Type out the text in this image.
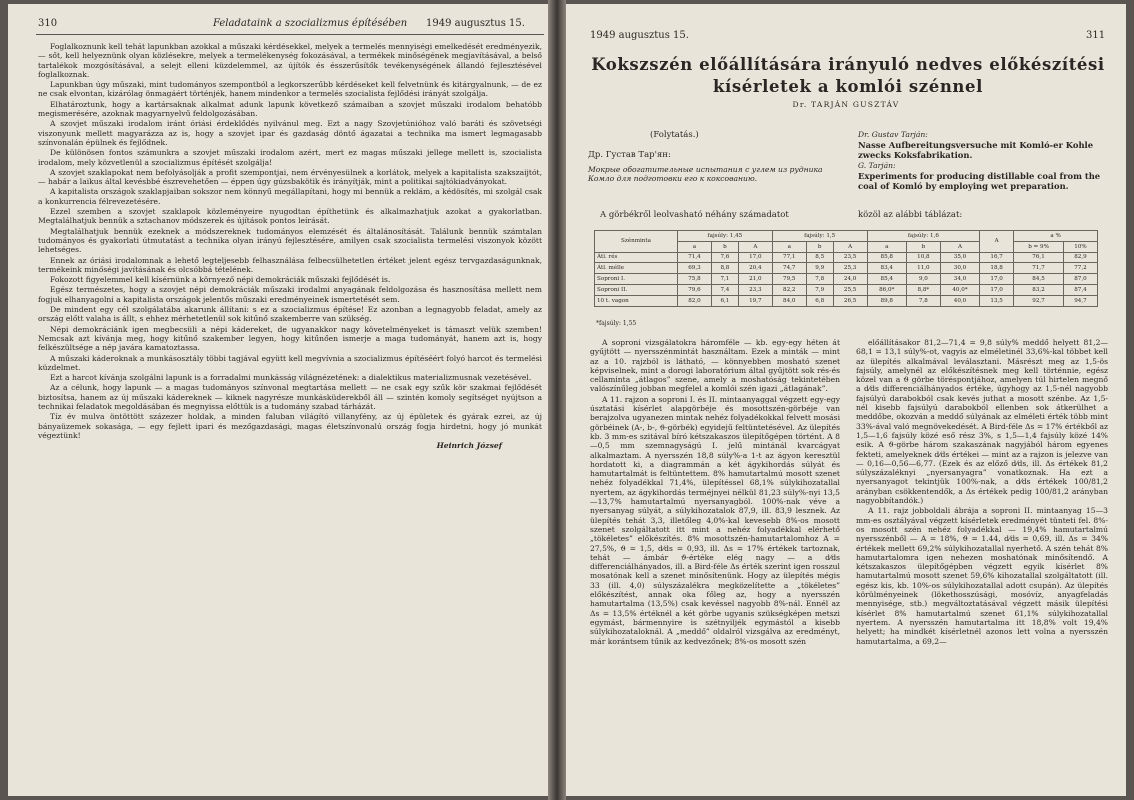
310	Feladataink a szocializmus építésében 1949 augusztus 15.

Foglalkoznunk kell tehát lapunkban azokkal a műszaki kérdésekkel, melyek a termelés mennyiségi emelkedését eredményezik, — sőt, kell helyeznünk olyan közlésekre, melyek a termelékenység fokozásával, a termékek minőségének megjavításával, a belső tartalékok mozgósításával, a selejt elleni küzdelemmel, az újítók és ésszerűsítők tevékenységének állandó fejlesztésével foglalkoznak.

Lapunkban úgy műszaki, mint tudományos szempontból a legkorszerűbb kérdéseket kell felvetnünk és kitárgyalnunk, — de ez ne csak elvontan, kizárólag önmagáért történjék, hanem mindenkor a termelés szocialista fejlődési irányát szolgálja.

Elhatároztunk, hogy a kartársaknak alkalmat adunk lapunk következő számaiban a szovjet műszaki irodalom behatóbb megismerésére, azoknak magyarnyelvű feldolgozásában.

A szovjet műszaki irodalom iránt óriási érdeklődés nyilvánul meg. Ezt a nagy Szovjetúnióhoz való baráti és szövetségi viszonyunk mellett magyarázza az is, hogy a szovjet ipar és gazdaság döntő ágazatai a technika ma ismert legmagasabb színvonalán épülnek és fejlődnek.

De különösen fontos számunkra a szovjet műszaki irodalom azért, mert ez magas műszaki jellege mellett is, szocialista irodalom, mely közvetlenül a szocializmus építését szolgálja!

A szovjet szaklapokat nem befolyásolják a profit szempontjai, nem érvényesülnek a korlátok, melyek a kapitalista szakszaijtót, — habár a laikus által kevésbbé észrevehetően — éppen úgy gúzsbakötik és irányítják, mint a politikai sajtókiadványokat.

A kapitalista országok szaklapjaiban sokszor nem könnyű megállapítani, hogy mi bennük a reklám, a kédösítés, mi szolgál csak a konkurrencia félrevezetésére.

Ezzel szemben a szovjet szaklapok közleményeire nyugodtan építhetünk és alkalmazhatjuk azokat a gyakorlatban. Megtalálhatjuk bennük a sztachanov módszerek és újítások pontos leírását.

Megtalálhatjuk bennük ezeknek a módszereknek tudományos elemzését és általánosítását. Találunk bennük számtalan tudományos és gyakorlati útmutatást a technika olyan irányú fejlesztésére, amilyen csak szocialista termelési viszonyok között lehetséges.

Ennek az óriási irodalomnak a lehető legteljesebb felhasználása felbecsülhetetlen értéket jelent egész tervgazdaságunknak, termékeink minőségi javításának és olcsóbbá tételének.

Fokozott figyelemmel kell kísérnünk a környező népi demokráciák műszaki fejlődését is.

Egész természetes, hogy a szovjet népi demokráciák műszaki irodalmi anyagának feldolgozása és hasznosítása mellett nem fogjuk elhanyagolni a kapitalista országok jelentős műszaki eredményeinek ismertetését sem.

De mindent egy cél szolgálatába akarunk állítani: s ez a szocializmus építése! Ez azonban a legnagyobb feladat, amely az ország előtt valaha is állt, s ehhez mérhetetlenül sok kitűnő szakemberre van szükség.

Népi demokráciánk igen megbecsüli a népi kádereket, de ugyanakkor nagy követelményeket is támaszt velük szemben! Nemcsak azt kívánja meg, hogy kitűnő szakember legyen, hogy kitűnően ismerje a maga tudományát, hanem azt is, hogy felkészültsége a nép javára kamatoztassa.

A műszaki káderoknak a munkásosztály többi tagjával együtt kell megvívnia a szocializmus építéséért folyó harcot és termelési küzdelmet.

Ezt a harcot kívánja szolgálni lapunk is a forradalmi munkásság világnézetének: a dialektikus materializmusnak vezetésével.

Az a célunk, hogy lapunk — a magas tudományos színvonal megtartása mellett — ne csak egy szűk kör szakmai fejlődését biztosítsa, hanem az új műszaki kádereknek — kiknek nagyrésze munkásküderekből áll — szintén komoly segítséget nyújtson a technikai feladatok megoldásában és megnyissa előttük is a tudomány szabad tárházát.

Tíz év mulva öntöttött százezer holdak, a minden faluban világító villanyfény, az új épületek és gyárak ezrei, az új bányaüzemek sokasága, — egy fejlett ipari és mezőgazdasági, magas életszínvonalú ország fogja hirdetni, hogy jó munkát végeztünk!

Heinrich József

1949 augusztus 15.	311
Kokszszén előállítására irányuló nedves előkészítési
kísérletek a komlói szénnel
Dr. TARJÁN GUSZTÁV
(Folytatás.)
Др. Густав Тар'ян:
Мокрые обогатительные испытания с углем из рудника Комло для подготовки его к коксованию.
Dr. Gustav Tarján:
Nasse Aufbereitungsversuche mit Komló-er Kohle zwecks Koksfabrikation.
G. Tarján:
Experiments for producing distillable coal from the coal of Komló by employing wet preparation.
A görbékről leolvasható néhány számadatot	közöl az alábbi táblázat:
Szénminta	fajsúly: 1,45			fajsúly: 1,5			fajsúly: 1,6			A	a %	
	a	b	A	a	b	A	a	b	A		b = 9%	10%
Átl. rés	71,4	7,6	17,0	77,1	8,5	23,5	85,8	10,8	35,0	16,7	76,1	82,9
Átl. mélle	69,3	8,8	20,4	74,7	9,9	25,3	83,4	11,0	30,0	18,8	71,7	77,2
Soproni I.	75,8	7,1	21,0	79,5	7,8	24,0	85,4	9,0	34,0	17,0	84,5	87,0
Soproni II.	79,6	7,4	23,3	82,2	7,9	25,5	86,0*	8,8*	40,0*	17,0	83,2	87,4
10 t. vagon	82,0	6,1	19,7	84,0	6,8	26,5	89,8	7,8	40,0	13,5	92,7	94,7
*fajsúly: 1,55

A soproni vizsgálatokra háromféle — kb. egy-egy héten át gyűjtött — nyersszénmintát használtam. Ezek a minták — mint az a 10. rajzból is látható, — könnyebben mosható szenet képviselnek, mint a dorogi laboratórium által gyűjtött sok rés-és cellaminta „átlagos” szene, amely a moshatóság tekintetében valószínűleg jobban megfelel a komlói szén igazi „átlagának”.

A 11. rajzon a soproni I. és II. mintaanyaggal végzett egy-egy úsztatási kísérlet alapgörbéje és mosottszén-görbéje van berajzolva ugyanezen mintak nehéz folyadékokkal felvett mosási görbéinek (A-, b-, ϑ-görbék) egyidejű feltüntetésével. Az ülepítés kb. 3 mm-es szitával bíró kétszakaszos ülepítőgépen történt. A 8—0,5 mm szemnagyságú I. jelű mintánál kvarcágyat alkalmaztam. A nyersszén 18,8 súly%-a 1-t az ágyon keresztül hordatott ki, a diagrammán a két ágykihordás súlyát és hamutartalmát is feltüntettem. 8% hamutartalmú mosott szenet nehéz folyadékkal 71,4%, ülepítéssel 68,1% súlykihozatallal nyertem, az ágykihordás terméjnyei nélkül 81,23 súly%-nyi 13,5—13,7% hamutartalmú nyersanyagból. 100%-nak véve a nyersanyag súlyát, a súlykihozatalok 87,9, ill. 83,9 lesznek. Az ülepítés tehát 3,3, illetőleg 4,0%-kal kevesebb 8%-os mosott szenet szolgáltatott itt mint a nehéz folyadékkal elérhető „tökéletes” előkészítés. 8% mosottszén-hamutartalomhoz A = 27,5%, ϑ = 1,5, d⁄ds = 0,93, ill. Δs = 17% értékek tartoznak, tehát — ámbár ϑ-értéke elég nagy — a d⁄ds differenciálhányados, ill. a Bird-féle Δs érték szerint igen rosszul mosatónak kell a szenet minősítenünk. Hogy az ülepítés mégis 33 (ill. 4,0) súlyszázalékra megközelítette a „tökéletes” előkészítést, annak oka főleg az, hogy a nyersszén hamutartalma (13,5%) csak kevéssel nagyobb 8%-nál. Ennél az Δs = 13,5% értéknél a két görbe ugyanis szükségképen metszi egymást, bármennyire is szétnyiljék egymástól a kisebb súlykihozataloknál. A „meddő” oldalról vizsgálva az eredményt, már korántsem tűnik az kedvezőnek; 8%-os mosott szén

előállításakor 81,2—71,4 = 9,8 súly% meddő helyett 81,2—68,1 = 13,1 súly%-ot, vagyis az elméletinél 33,6%-kal többet kell az ülepítés alkalmával leválasztani. Másrészt meg az 1,5-ös fajsúly, amelynél az előkészítésnek meg kell történnie, egész közel van a ϑ görbe töréspontjához, amelyen túl hirtelen megnő a d⁄ds differenciálhányados értéke, úgyhogy az 1,5-nél nagyobb fajsúlyú darabokból csak kevés juthat a mosott szénbe. Az 1,5-nél kisebb fajsúlyú darabokból ellenben sok átkerülhet a meddőbe, okozván a meddő súlyának az elméleti érték több mint 33%-ával való megnövekedését. A Bird-féle Δs = 17% értékből az 1,5—1,6 fajsúly közé eső rész 3%, s 1,5—1,4 fajsúly közé 14% esik. A ϑ-görbe három szakaszának nagyjából három egyenes fekteti, amelyeknek d⁄ds értékei — mint az a rajzon is jelezve van — 0,16—0,56—6,77. (Ezek és az előző d⁄ds, ill. Δs értékek 81,2 súlyszázaléknyi „nyersanyagra” vonatkoznak. Ha ezt a nyersanyagot tekintjük 100%-nak, a d⁄ds értékek 100/81,2 arányban csökkentendők, a Δs értékek pedig 100/81,2 arányban nagyobbítandók.)

A 11. rajz jobboldali ábrája a soproni II. mintaanyag 15—3 mm-es osztályával végzett kísérletek eredményét tünteti fel. 8%-os mosott szén nehéz folyadékkal — 19,4% hamutartalmú nyersszénből — A = 18%, ϑ = 1.44, d⁄ds = 0,69, ill. Δs = 34% értékek mellett 69,2% súlykihozatallal nyerhető. A szén tehát 8% hamutartalomra igen nehezen moshatónak minősítendő. A kétszakaszos ülepítőgépben végzett egyik kísérlet 8% hamutartalmú mosott szenet 59,6% kihozatallal szolgáltatott (ill. egész kis, kb. 10%-os súlykihozatallal adott csupán). Az ülepítés körülményeinek (lökethosszúsági, mosóvíz, anyagfeladás mennyisége, stb.) megváltoztatásával végzett másik ülepítési kísérlet 8% hamutartalmú szenet 61,1% súlykihozatallal nyertem. A nyersszén hamutartalma itt 18,8% volt 19,4% helyett; ha mindkét kísérletnél azonos lett volna a nyersszén hamutartalma, a 69,2—
